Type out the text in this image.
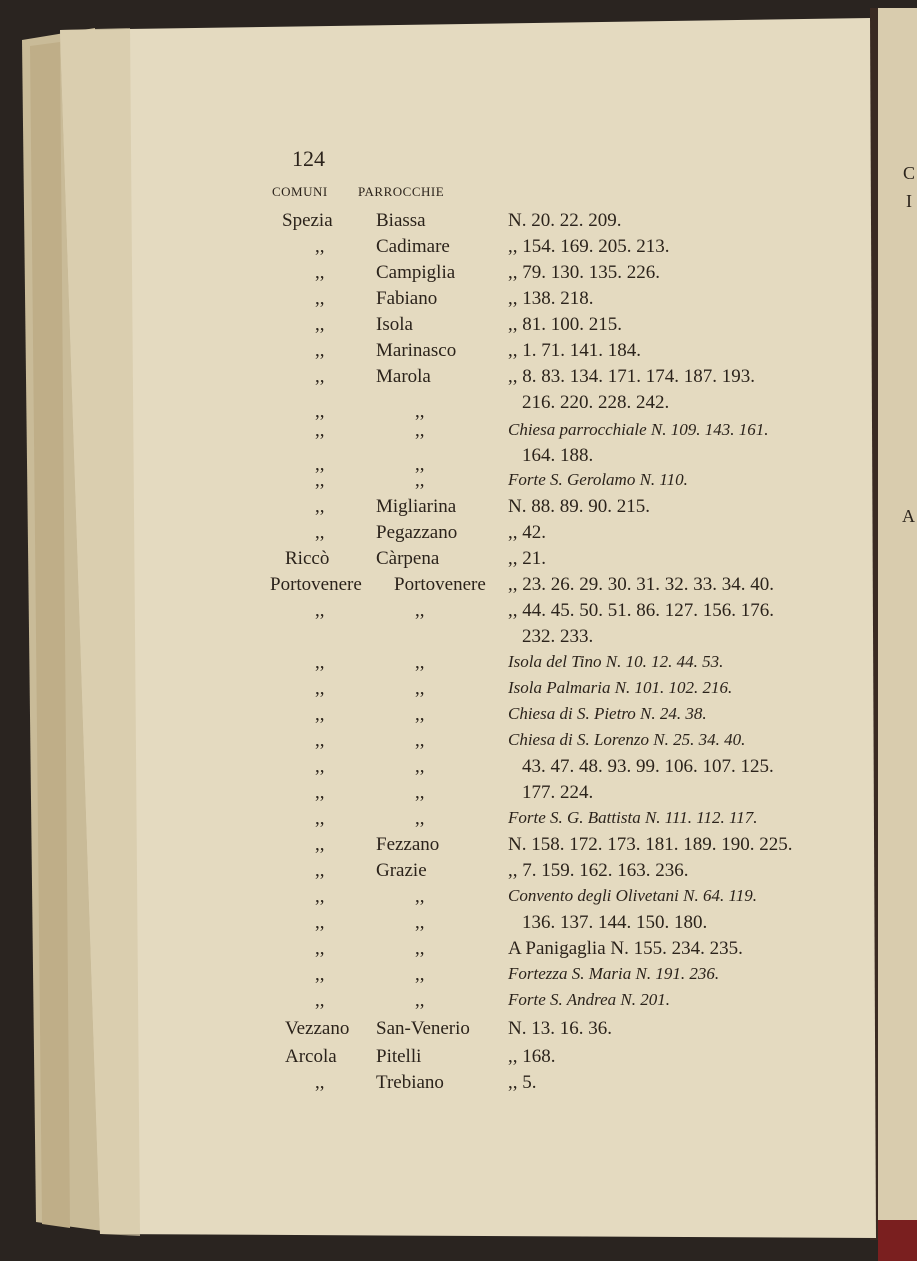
124
COMUNI PARROCCHIE
Spezia Biassa	N. 20. 22. 209.
,,	Cadimare	,, 154. 169. 205. 213.
,,	Campiglia	,, 79. 130. 135. 226.
,,	Fabiano	,, 138. 218.
,,	Isola	,, 81. 100. 215.
,,	Marinasco	,, 1. 71. 141. 184.
,,	Marola	,, 8. 83. 134. 171. 174. 187. 193.
216. 220. 228. 242.
,,	,,
,,	,,	Chiesa parrocchiale N. 109. 143. 161.
164. 188.
,,	,,
,,	,,	Forte S. Gerolamo N. 110.
,,	Migliarina	N. 88. 89. 90. 215.
,,	Pegazzano	,, 42.
Riccò Càrpena	,, 21.
Portovenere Portovenere ,, 23. 26. 29. 30. 31. 32. 33. 34. 40.
,,	,,	,, 44. 45. 50. 51. 86. 127. 156. 176.
232. 233.
,,	,,	Isola del Tino N. 10. 12. 44. 53.
,,	,,	Isola Palmaria N. 101. 102. 216.
,,	,,	Chiesa di S. Pietro N. 24. 38.
,,	,,	Chiesa di S. Lorenzo N. 25. 34. 40.
,,	,,	43. 47. 48. 93. 99. 106. 107. 125.
,,	,,	177. 224.
,,	,,	Forte S. G. Battista N. 111. 112. 117.
,,	Fezzano	N. 158. 172. 173. 181. 189. 190. 225.
,,	Grazie	,, 7. 159. 162. 163. 236.
,,	,,	Convento degli Olivetani N. 64. 119.
,,	,,	136. 137. 144. 150. 180.
,,	,,	A Panigaglia N. 155. 234. 235.
,,	,,	Fortezza S. Maria N. 191. 236.
,,	,,	Forte S. Andrea N. 201.
Vezzano San-Venerio N. 13. 16. 36.
Arcola Pitelli	,, 168.
,,	Trebiano	,, 5.
C
I
A
